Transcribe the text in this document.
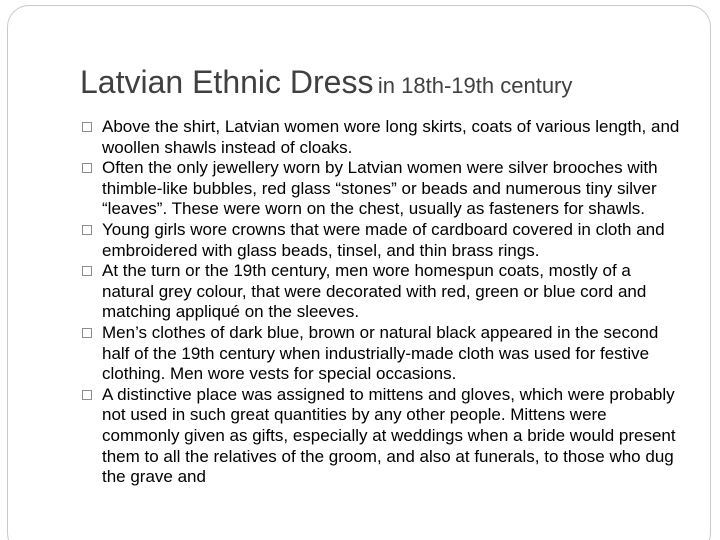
Latvian Ethnic Dress in 18th-19th century
Above the shirt, Latvian women wore long skirts, coats of various length, and woollen shawls instead of cloaks.
Often the only jewellery worn by Latvian women were silver brooches with thimble-like bubbles, red glass “stones” or beads and numerous tiny silver “leaves”. These were worn on the chest, usually as fasteners for shawls.
Young girls wore crowns that were made of cardboard covered in cloth and embroidered with glass beads, tinsel, and thin brass rings.
At the turn or the 19th century, men wore homespun coats, mostly of a natural grey colour, that were decorated with red, green or blue cord and matching appliqué on the sleeves.
Men’s clothes of dark blue, brown or natural black appeared in the second half of the 19th century when industrially-made cloth was used for festive clothing. Men wore vests for special occasions.
A distinctive place was assigned to mittens and gloves, which were probably not used in such great quantities by any other people. Mittens were commonly given as gifts, especially at weddings when a bride would present them to all the relatives of the groom, and also at funerals, to those who dug the grave and
